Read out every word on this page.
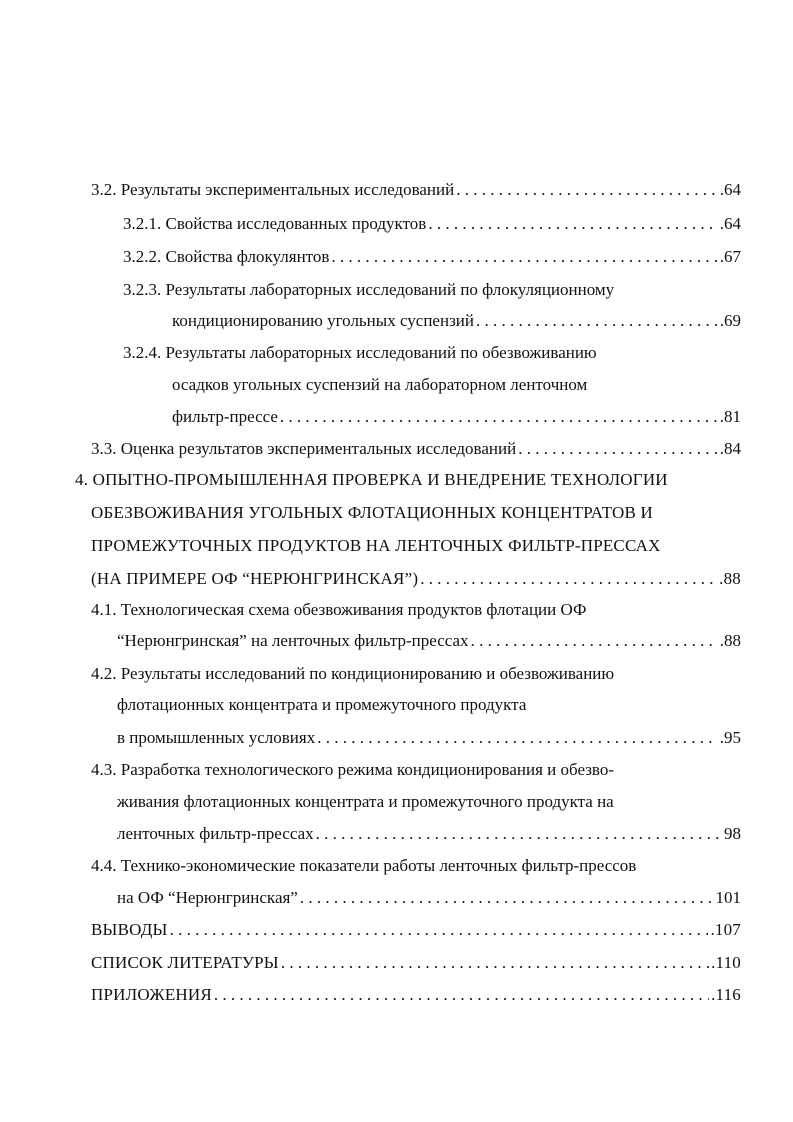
3.2. Результаты экспериментальных исследований . . .	.64
3.2.1. Свойства исследованных продуктов . . .	.64
3.2.2. Свойства флокулянтов . . .	.67
3.2.3. Результаты лабораторных исследований по флокуляционному
кондиционированию угольных суспензий . . .	.69
3.2.4. Результаты лабораторных исследований по обезвоживанию
осадков угольных суспензий на лабораторном ленточном
фильтр-прессе . . .	.81
3.3. Оценка результатов экспериментальных исследований . . .	.84
4. ОПЫТНО-ПРОМЫШЛЕННАЯ ПРОВЕРКА И ВНЕДРЕНИЕ ТЕХНОЛОГИИ
ОБЕЗВОЖИВАНИЯ УГОЛЬНЫХ ФЛОТАЦИОННЫХ КОНЦЕНТРАТОВ И
ПРОМЕЖУТОЧНЫХ ПРОДУКТОВ НА ЛЕНТОЧНЫХ ФИЛЬТР-ПРЕССАХ
(НА ПРИМЕРЕ ОФ “НЕРЮНГРИНСКАЯ”) . . .	.88
4.1. Технологическая схема обезвоживания продуктов флотации ОФ
“Нерюнгринская” на ленточных фильтр-прессах . . .	.88
4.2. Результаты исследований по кондиционированию и обезвоживанию
флотационных концентрата и промежуточного продукта
в промышленных условиях . . .	.95
4.3. Разработка технологического режима кондиционирования и обезво-
живания флотационных концентрата и промежуточного продукта на
ленточных фильтр-прессах . . .	98
4.4. Технико-экономические показатели работы ленточных фильтр-прессов
на ОФ “Нерюнгринская” . . .	101
ВЫВОДЫ . . .	.107
СПИСОК ЛИТЕРАТУРЫ . . .	.110
ПРИЛОЖЕНИЯ . . .	.116
